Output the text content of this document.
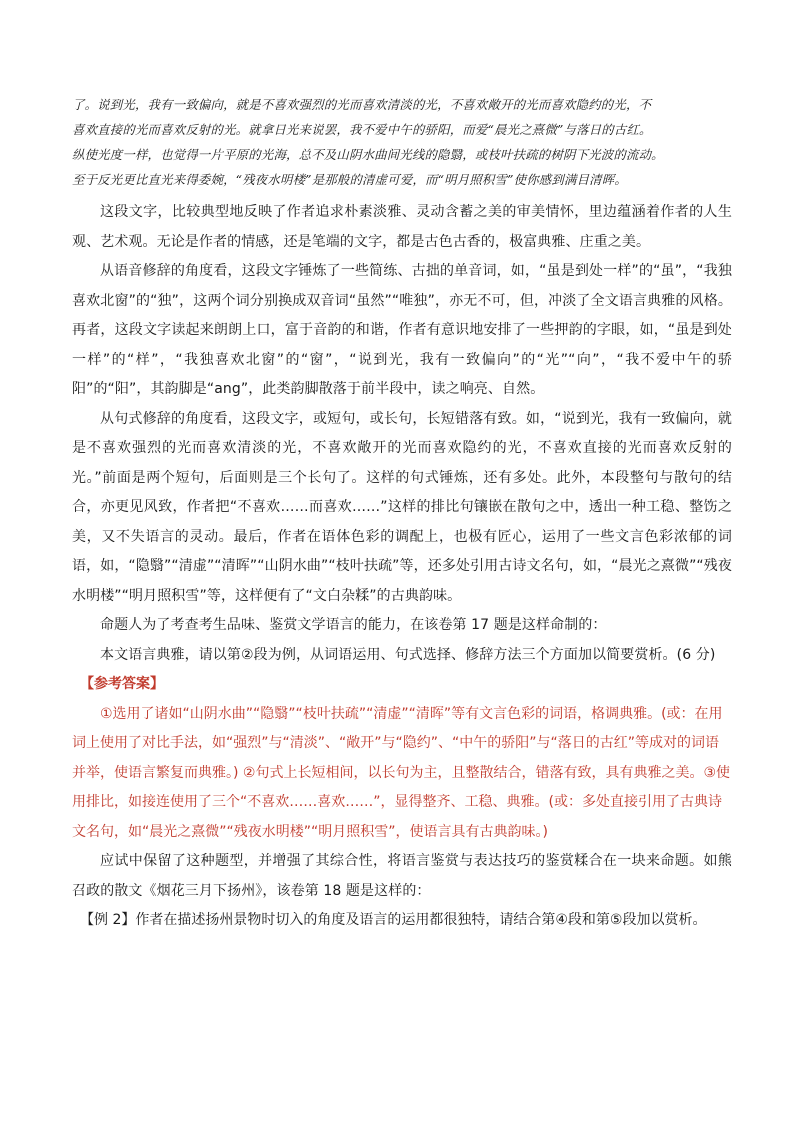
了。说到光，我有一致偏向，就是不喜欢强烈的光而喜欢清淡的光，不喜欢敞开的光而喜欢隐约的光，不

喜欢直接的光而喜欢反射的光。就拿日光来说罢，我不爱中午的骄阳，而爱“晨光之熹微”与落日的古红。

纵使光度一样，也觉得一片平原的光海，总不及山阴水曲间光线的隐翳，或枝叶扶疏的树阴下光波的流动。

至于反光更比直光来得委婉，“残夜水明楼”是那般的清虚可爱，而“明月照积雪”使你感到满目清晖。

这段文字，比较典型地反映了作者追求朴素淡雅、灵动含蓄之美的审美情怀，里边蕴涵着作者的人生观、艺术观。无论是作者的情感，还是笔端的文字，都是古色古香的，极富典雅、庄重之美。

从语音修辞的角度看，这段文字锤炼了一些简练、古拙的单音词，如，“虽是到处一样”的“虽”，“我独喜欢北窗”的“独”，这两个词分别换成双音词“虽然”“唯独”，亦无不可，但，冲淡了全文语言典雅的风格。再者，这段文字读起来朗朗上口，富于音韵的和谐，作者有意识地安排了一些押韵的字眼，如，“虽是到处一样”的“样”，“我独喜欢北窗”的“窗”，“说到光，我有一致偏向”的“光”“向”，“我不爱中午的骄阳”的“阳”，其韵脚是“ang”，此类韵脚散落于前半段中，读之响亮、自然。

从句式修辞的角度看，这段文字，或短句，或长句，长短错落有致。如，“说到光，我有一致偏向，就是不喜欢强烈的光而喜欢清淡的光，不喜欢敞开的光而喜欢隐约的光，不喜欢直接的光而喜欢反射的光。”前面是两个短句，后面则是三个长句了。这样的句式锤炼，还有多处。此外，本段整句与散句的结合，亦更见风致，作者把“不喜欢……而喜欢……”这样的排比句镶嵌在散句之中，透出一种工稳、整饬之美，又不失语言的灵动。最后，作者在语体色彩的调配上，也极有匠心，运用了一些文言色彩浓郁的词语，如，“隐翳”“清虚”“清晖”“山阴水曲”“枝叶扶疏”等，还多处引用古诗文名句，如，“晨光之熹微”“残夜水明楼”“明月照积雪”等，这样便有了“文白杂糅”的古典韵味。

命题人为了考查考生品味、鉴赏文学语言的能力，在该卷第 17 题是这样命制的：

本文语言典雅，请以第②段为例，从词语运用、句式选择、修辞方法三个方面加以简要赏析。(6 分)

【参考答案】

①选用了诸如“山阴水曲”“隐翳”“枝叶扶疏”“清虚”“清晖”等有文言色彩的词语，格调典雅。(或：在用词上使用了对比手法，如“强烈”与“清淡”、“敞开”与“隐约”、“中午的骄阳”与“落日的古红”等成对的词语并举，使语言繁复而典雅。) ②句式上长短相间，以长句为主，且整散结合，错落有致，具有典雅之美。③使用排比，如接连使用了三个“不喜欢……喜欢……”，显得整齐、工稳、典雅。(或：多处直接引用了古典诗文名句，如“晨光之熹微”“残夜水明楼”“明月照积雪”，使语言具有古典韵味。)

应试中保留了这种题型，并增强了其综合性，将语言鉴赏与表达技巧的鉴赏糅合在一块来命题。如熊召政的散文《烟花三月下扬州》，该卷第 18 题是这样的：

【例 2】作者在描述扬州景物时切入的角度及语言的运用都很独特，请结合第④段和第⑤段加以赏析。
